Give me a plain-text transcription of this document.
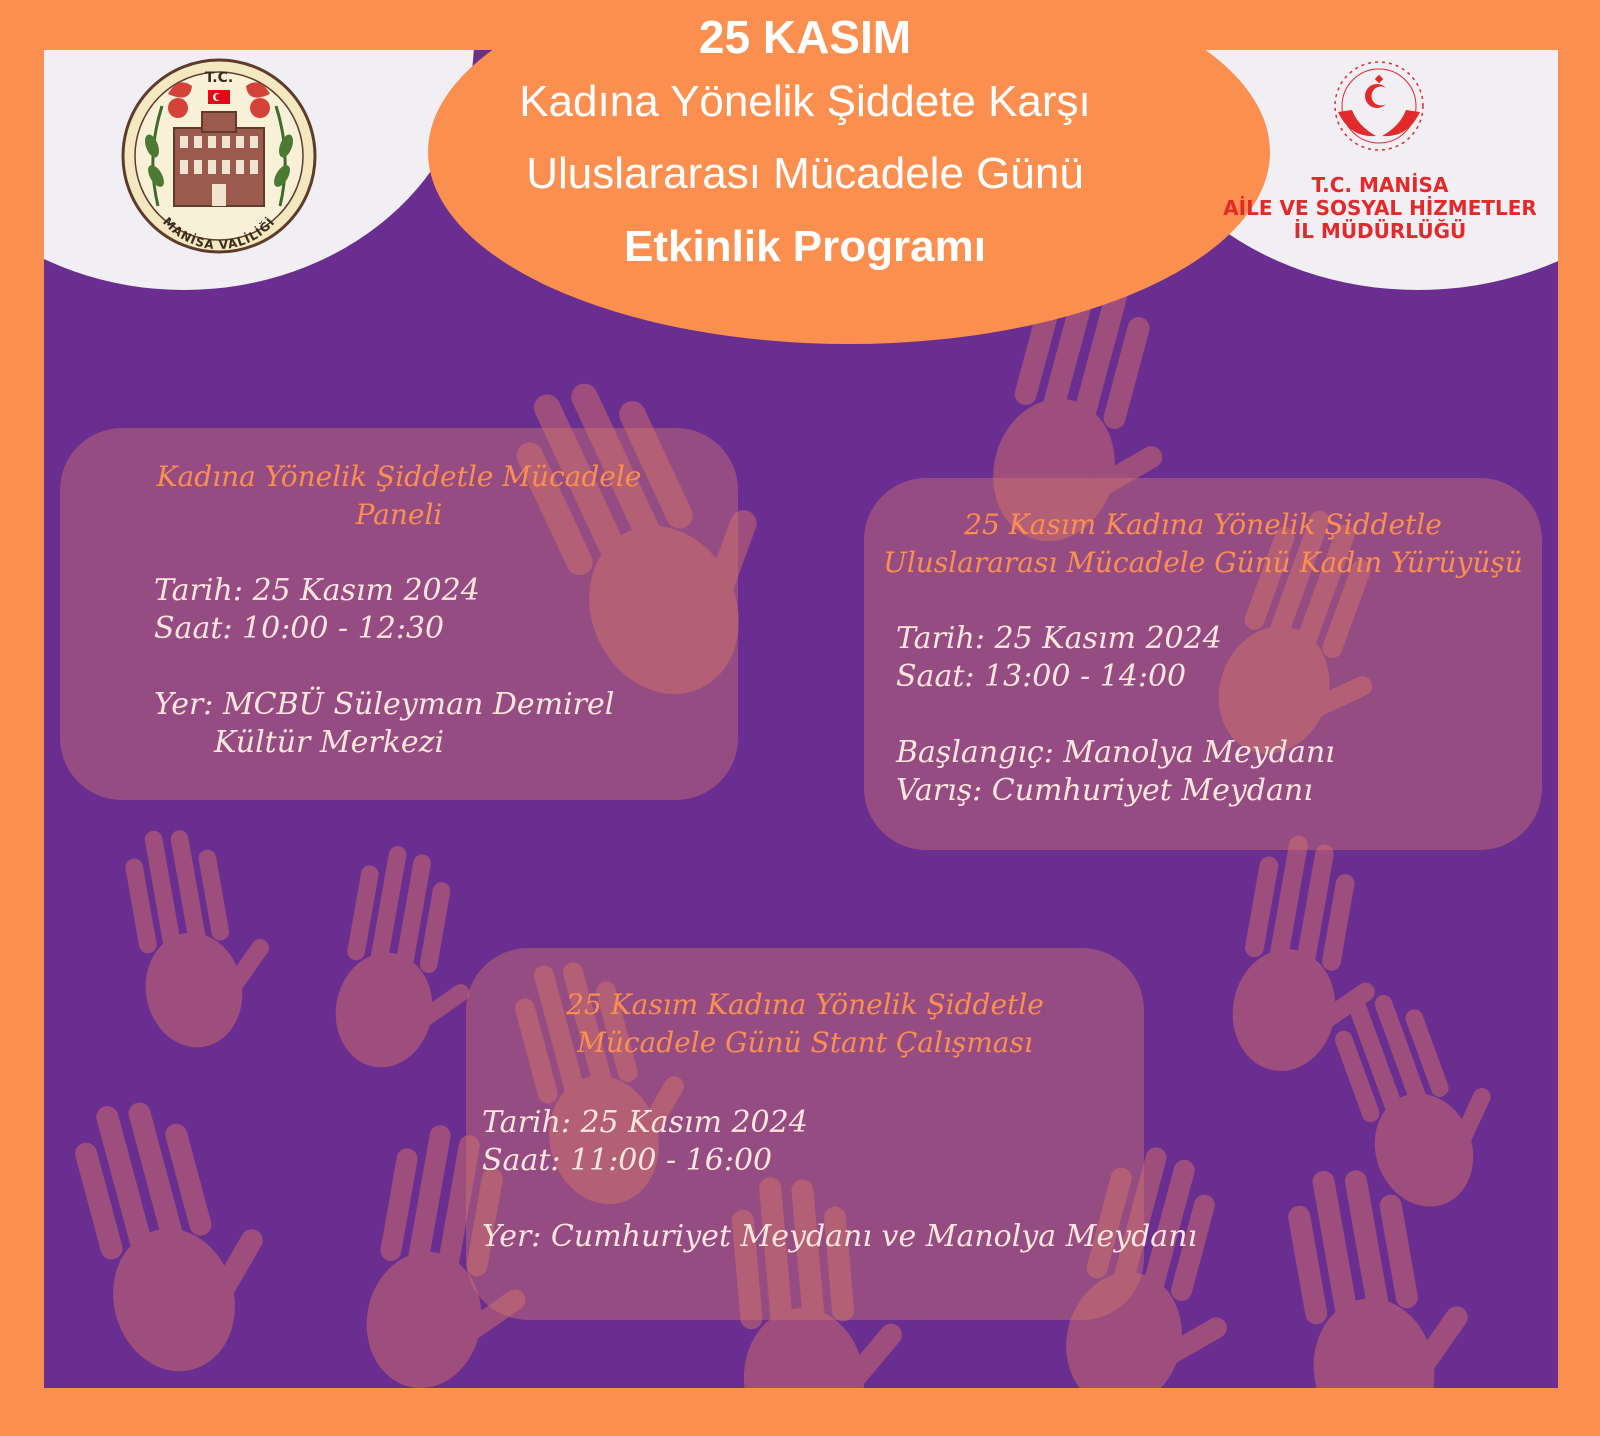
25 KASIM
Kadına Yönelik Şiddete Karşı
Uluslararası Mücadele Günü
Etkinlik Programı
T.C.
MANİSA VALİLİĞİ
T.C. MANİSA
AİLE VE SOSYAL HİZMETLER
İL MÜDÜRLÜĞÜ
Kadına Yönelik Şiddetle Mücadele
Paneli
Tarih: 25 Kasım 2024
Saat: 10:00 - 12:30
Yer: MCBÜ Süleyman Demirel
Kültür Merkezi
25 Kasım Kadına Yönelik Şiddetle
Uluslararası Mücadele Günü Kadın Yürüyüşü
Tarih: 25 Kasım 2024
Saat: 13:00 - 14:00
Başlangıç: Manolya Meydanı
Varış: Cumhuriyet Meydanı
25 Kasım Kadına Yönelik Şiddetle
Mücadele Günü Stant Çalışması
Tarih: 25 Kasım 2024
Saat: 11:00 - 16:00
Yer: Cumhuriyet Meydanı ve Manolya Meydanı
